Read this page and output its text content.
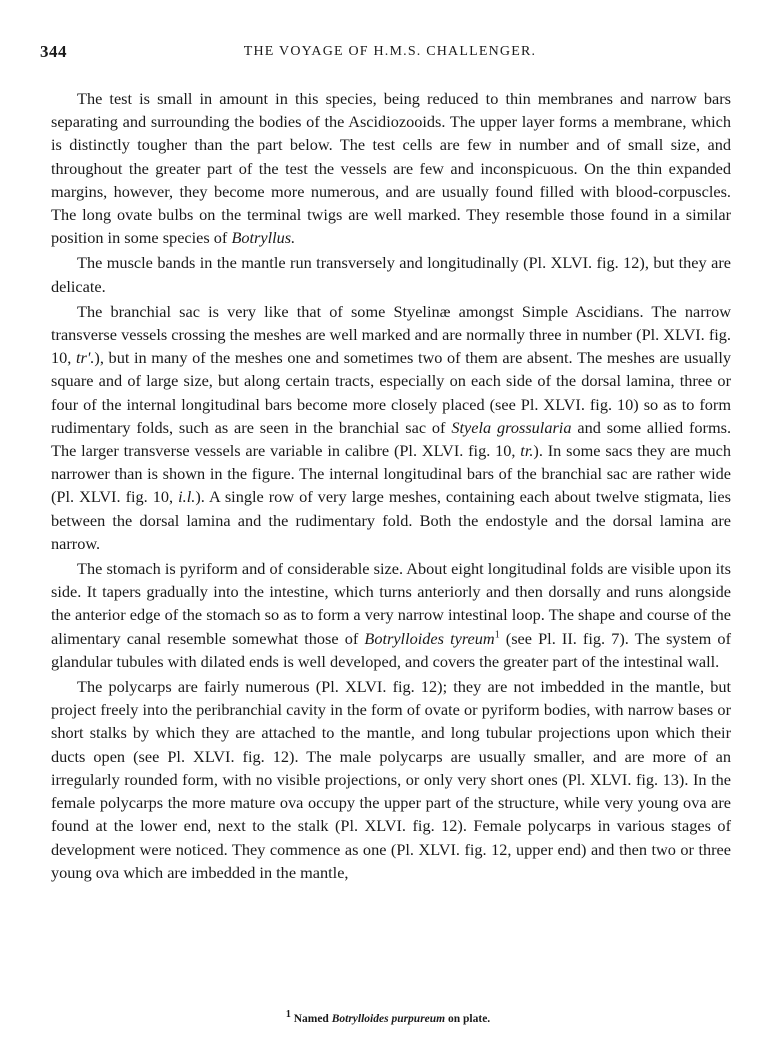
344	THE VOYAGE OF H.M.S. CHALLENGER.

The test is small in amount in this species, being reduced to thin membranes and narrow bars separating and surrounding the bodies of the Ascidiozooids. The upper layer forms a membrane, which is distinctly tougher than the part below. The test cells are few in number and of small size, and throughout the greater part of the test the vessels are few and inconspicuous. On the thin expanded margins, however, they become more numerous, and are usually found filled with blood-corpuscles. The long ovate bulbs on the terminal twigs are well marked. They resemble those found in a similar position in some species of Botryllus.

The muscle bands in the mantle run transversely and longitudinally (Pl. XLVI. fig. 12), but they are delicate.

The branchial sac is very like that of some Styelinæ amongst Simple Ascidians. The narrow transverse vessels crossing the meshes are well marked and are normally three in number (Pl. XLVI. fig. 10, tr'.), but in many of the meshes one and sometimes two of them are absent. The meshes are usually square and of large size, but along certain tracts, especially on each side of the dorsal lamina, three or four of the internal longitudinal bars become more closely placed (see Pl. XLVI. fig. 10) so as to form rudimentary folds, such as are seen in the branchial sac of Styela grossularia and some allied forms. The larger transverse vessels are variable in calibre (Pl. XLVI. fig. 10, tr.). In some sacs they are much narrower than is shown in the figure. The internal longitudinal bars of the branchial sac are rather wide (Pl. XLVI. fig. 10, i.l.). A single row of very large meshes, containing each about twelve stigmata, lies between the dorsal lamina and the rudimentary fold. Both the endostyle and the dorsal lamina are narrow.

The stomach is pyriform and of considerable size. About eight longitudinal folds are visible upon its side. It tapers gradually into the intestine, which turns anteriorly and then dorsally and runs alongside the anterior edge of the stomach so as to form a very narrow intestinal loop. The shape and course of the alimentary canal resemble somewhat those of Botrylloides tyreum$^1$ (see Pl. II. fig. 7). The system of glandular tubules with dilated ends is well developed, and covers the greater part of the intestinal wall.

The polycarps are fairly numerous (Pl. XLVI. fig. 12); they are not imbedded in the mantle, but project freely into the peribranchial cavity in the form of ovate or pyriform bodies, with narrow bases or short stalks by which they are attached to the mantle, and long tubular projections upon which their ducts open (see Pl. XLVI. fig. 12). The male polycarps are usually smaller, and are more of an irregularly rounded form, with no visible projections, or only very short ones (Pl. XLVI. fig. 13). In the female polycarps the more mature ova occupy the upper part of the structure, while very young ova are found at the lower end, next to the stalk (Pl. XLVI. fig. 12). Female polycarps in various stages of development were noticed. They commence as one (Pl. XLVI. fig. 12, upper end) and then two or three young ova which are imbedded in the mantle,

$^1$ Named Botrylloides purpureum on plate.
